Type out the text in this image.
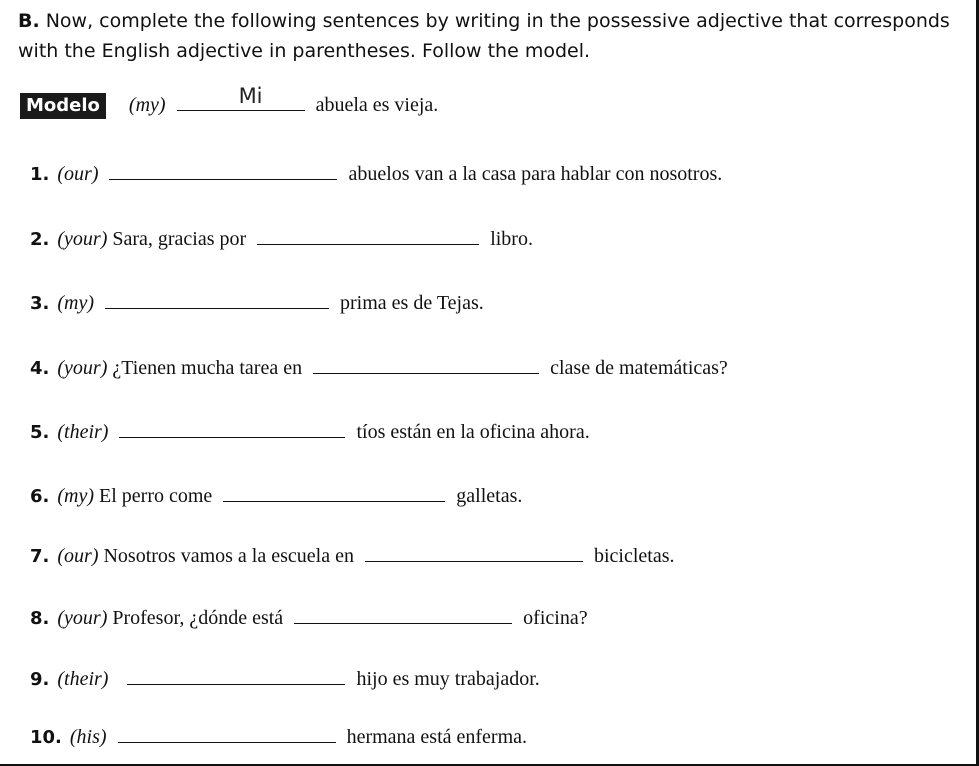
B. Now, complete the following sentences by writing in the possessive adjective that corresponds with the English adjective in parentheses. Follow the model.

Modelo (my)	Mi	abuela es vieja.
1. (our)	abuelos van a la casa para hablar con nosotros.
2. (your) Sara, gracias por	libro.
3. (my)	prima es de Tejas.
4. (your) ¿Tienen mucha tarea en	clase de matemáticas?
5. (their)	tíos están en la oficina ahora.
6. (my) El perro come	galletas.
7. (our) Nosotros vamos a la escuela en	bicicletas.
8. (your) Profesor, ¿dónde está	oficina?
9. (their)	hijo es muy trabajador.
10. (his)	hermana está enferma.
